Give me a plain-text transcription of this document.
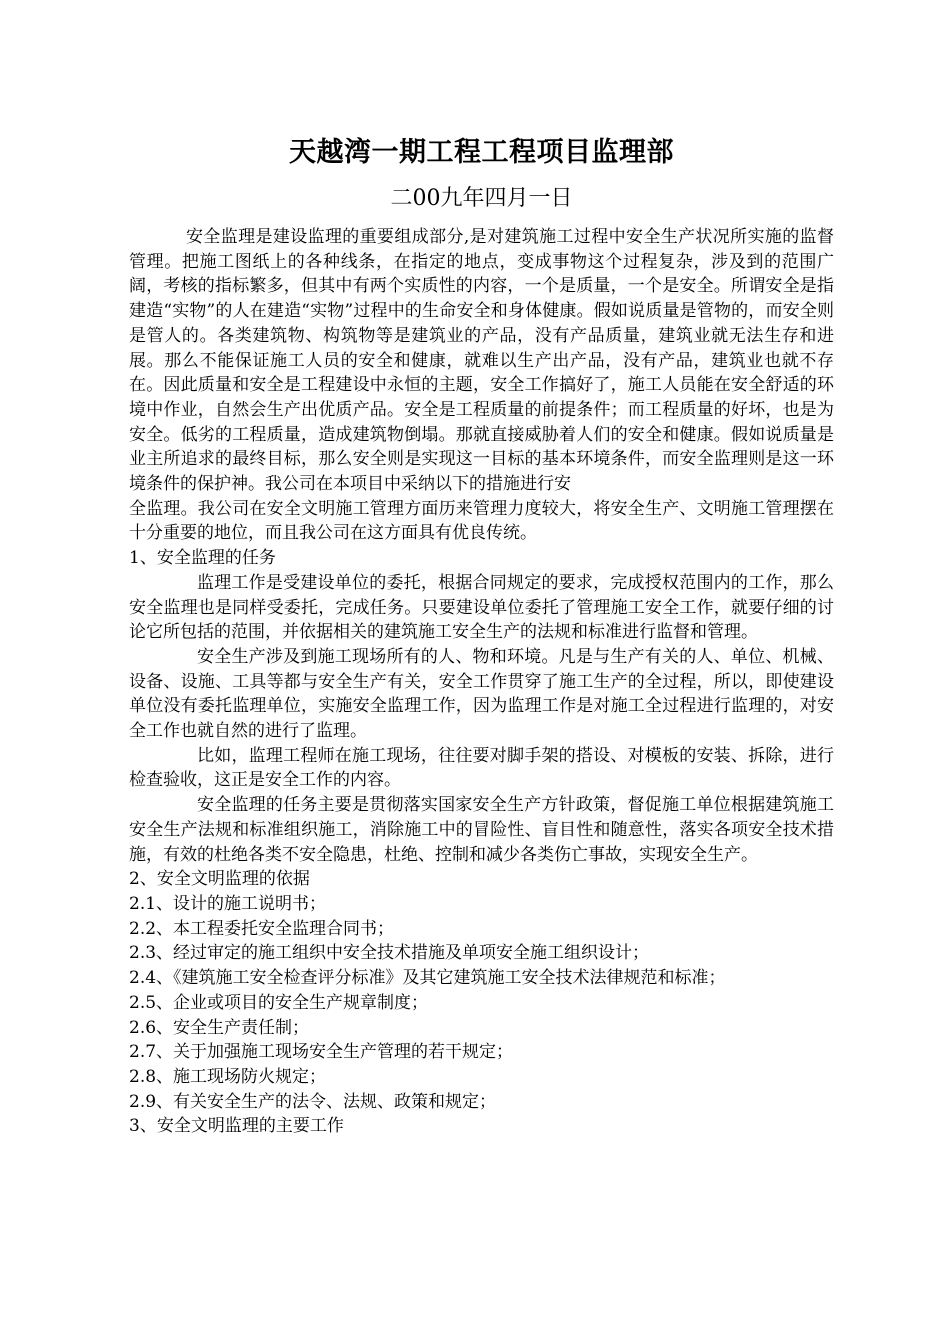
天越湾一期工程工程项目监理部
二00九年四月一日

安全监理是建设监理的重要组成部分,是对建筑施工过程中安全生产状况所实施的监督管理。把施工图纸上的各种线条，在指定的地点，变成事物这个过程复杂，涉及到的范围广阔，考核的指标繁多，但其中有两个实质性的内容，一个是质量，一个是安全。所谓安全是指建造“实物”的人在建造“实物”过程中的生命安全和身体健康。假如说质量是管物的，而安全则是管人的。各类建筑物、构筑物等是建筑业的产品，没有产品质量，建筑业就无法生存和进展。那么不能保证施工人员的安全和健康，就难以生产出产品，没有产品，建筑业也就不存在。因此质量和安全是工程建设中永恒的主题，安全工作搞好了，施工人员能在安全舒适的环境中作业，自然会生产出优质产品。安全是工程质量的前提条件；而工程质量的好坏，也是为安全。低劣的工程质量，造成建筑物倒塌。那就直接威胁着人们的安全和健康。假如说质量是业主所追求的最终目标，那么安全则是实现这一目标的基本环境条件，而安全监理则是这一环境条件的保护神。我公司在本项目中采纳以下的措施进行安

全监理。我公司在安全文明施工管理方面历来管理力度较大，将安全生产、文明施工管理摆在十分重要的地位，而且我公司在这方面具有优良传统。

1、安全监理的任务

监理工作是受建设单位的委托，根据合同规定的要求，完成授权范围内的工作，那么安全监理也是同样受委托，完成任务。只要建设单位委托了管理施工安全工作，就要仔细的讨论它所包括的范围，并依据相关的建筑施工安全生产的法规和标准进行监督和管理。

安全生产涉及到施工现场所有的人、物和环境。凡是与生产有关的人、单位、机械、设备、设施、工具等都与安全生产有关，安全工作贯穿了施工生产的全过程，所以，即使建设单位没有委托监理单位，实施安全监理工作，因为监理工作是对施工全过程进行监理的，对安全工作也就自然的进行了监理。

比如，监理工程师在施工现场，往往要对脚手架的搭设、对模板的安装、拆除，进行检查验收，这正是安全工作的内容。

安全监理的任务主要是贯彻落实国家安全生产方针政策，督促施工单位根据建筑施工安全生产法规和标准组织施工，消除施工中的冒险性、盲目性和随意性，落实各项安全技术措施，有效的杜绝各类不安全隐患，杜绝、控制和减少各类伤亡事故，实现安全生产。

2、安全文明监理的依据

2.1、设计的施工说明书；

2.2、本工程委托安全监理合同书；

2.3、经过审定的施工组织中安全技术措施及单项安全施工组织设计；

2.4、《建筑施工安全检查评分标准》及其它建筑施工安全技术法律规范和标准；

2.5、企业或项目的安全生产规章制度；

2.6、安全生产责任制；

2.7、关于加强施工现场安全生产管理的若干规定；

2.8、施工现场防火规定；

2.9、有关安全生产的法令、法规、政策和规定；

3、安全文明监理的主要工作
